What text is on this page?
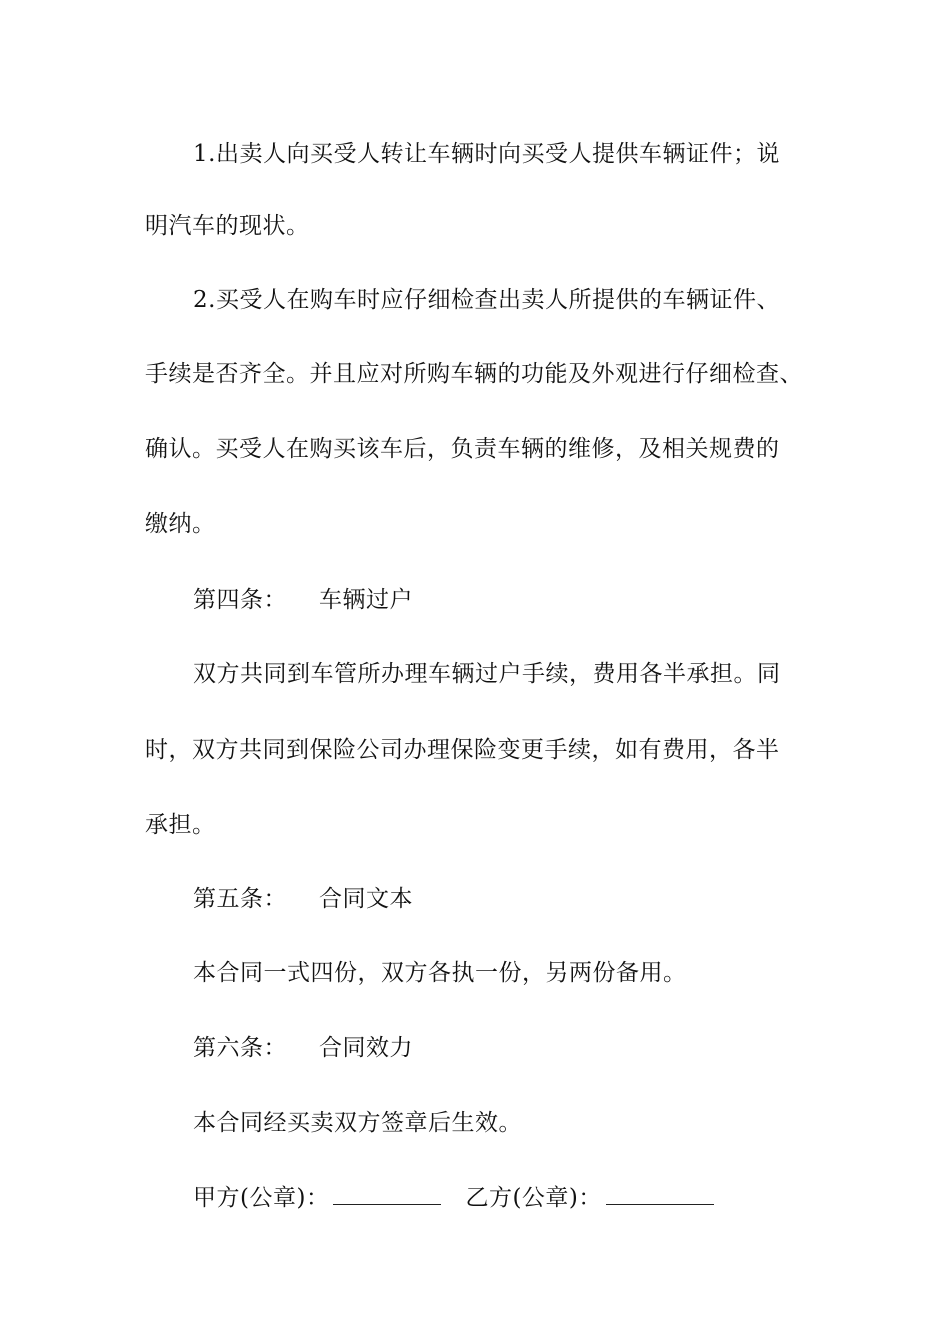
1.出卖人向买受人转让车辆时向买受人提供车辆证件；说
明汽车的现状。
2.买受人在购车时应仔细检查出卖人所提供的车辆证件、
手续是否齐全。并且应对所购车辆的功能及外观进行仔细检查、
确认。买受人在购买该车后，负责车辆的维修，及相关规费的
缴纳。
第四条： 车辆过户
双方共同到车管所办理车辆过户手续，费用各半承担。同
时，双方共同到保险公司办理保险变更手续，如有费用，各半
承担。
第五条： 合同文本
本合同一式四份，双方各执一份，另两份备用。
第六条： 合同效力
本合同经买卖双方签章后生效。
甲方(公章)：	乙方(公章)：
